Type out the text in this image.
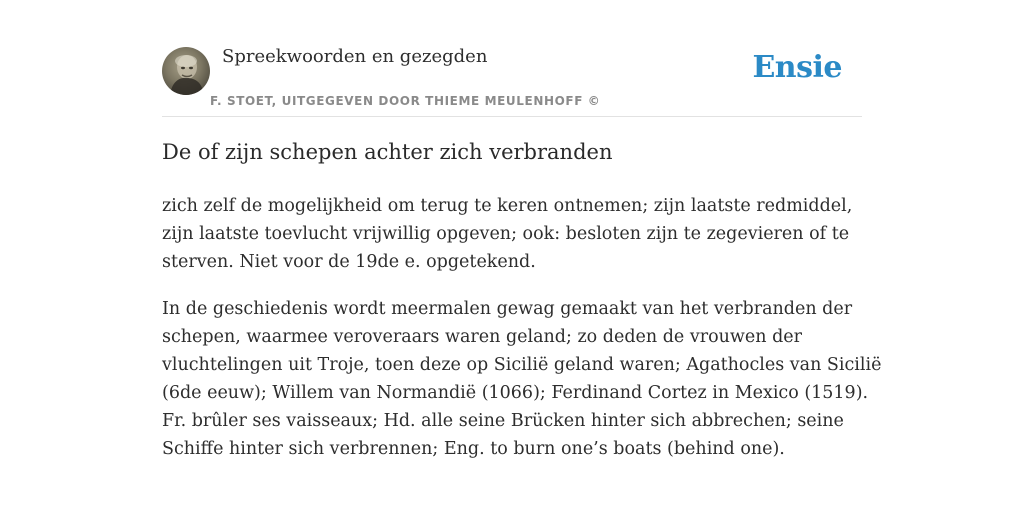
Spreekwoorden en gezegden
F. STOET, UITGEGEVEN DOOR THIEME MEULENHOFF ©
Ensie
De of zijn schepen achter zich verbranden

zich zelf de mogelijkheid om terug te keren ontnemen; zijn laatste redmiddel,
zijn laatste toevlucht vrijwillig opgeven; ook: besloten zijn te zegevieren of te
sterven. Niet voor de 19de e. opgetekend.

In de geschiedenis wordt meermalen gewag gemaakt van het verbranden der
schepen, waarmee veroveraars waren geland; zo deden de vrouwen der
vluchtelingen uit Troje, toen deze op Sicilië geland waren; Agathocles van Sicilië
(6de eeuw); Willem van Normandië (1066); Ferdinand Cortez in Mexico (1519).
Fr. brûler ses vaisseaux; Hd. alle seine Brücken hinter sich abbrechen; seine
Schiffe hinter sich verbrennen; Eng. to burn one’s boats (behind one).
